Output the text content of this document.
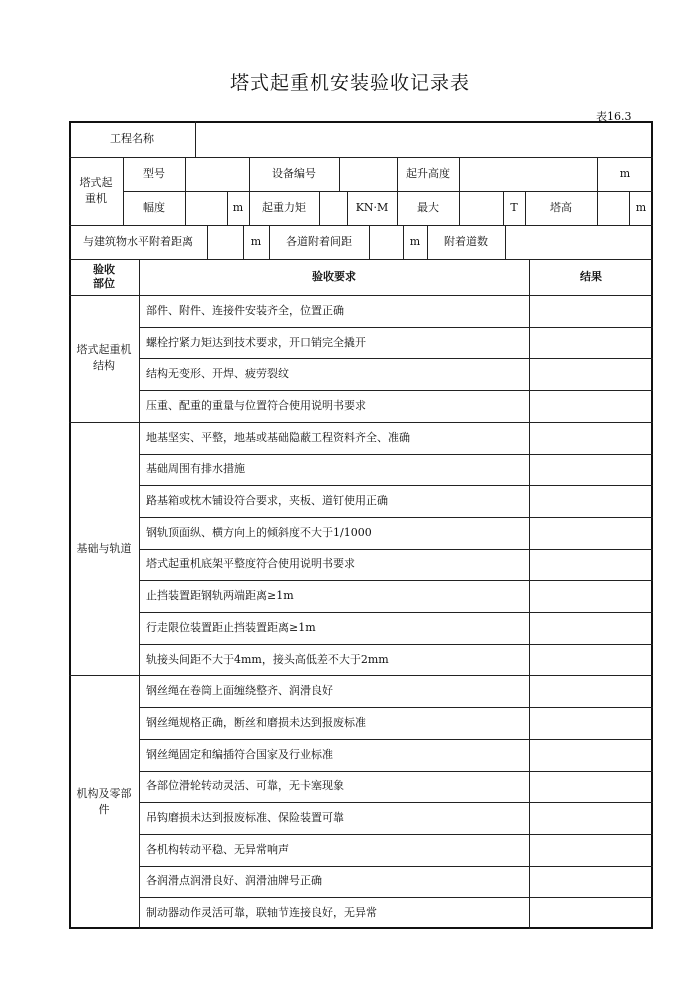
塔式起重机安装验收记录表
表16.3
工程名称
塔式起
重机
型号	设备编号	起升高度	m
幅度	m	起重力矩	KN·M	最大	T	塔高	m
与建筑物水平附着距离	m	各道附着间距	m	附着道数
验收
部位
验收要求	结果
塔式起重机
结构
部件、附件、连接件安装齐全，位置正确
螺栓拧紧力矩达到技术要求，开口销完全撬开
结构无变形、开焊、疲劳裂纹
压重、配重的重量与位置符合使用说明书要求
基础与轨道
地基坚实、平整，地基或基础隐蔽工程资料齐全、准确
基础周围有排水措施
路基箱或枕木铺设符合要求，夹板、道钉使用正确
钢轨顶面纵、横方向上的倾斜度不大于1/1000
塔式起重机底架平整度符合使用说明书要求
止挡装置距钢轨两端距离≥1m
行走限位装置距止挡装置距离≥1m
轨接头间距不大于4mm，接头高低差不大于2mm
机构及零部
件
钢丝绳在卷筒上面缠绕整齐、润滑良好
钢丝绳规格正确，断丝和磨损未达到报废标准
钢丝绳固定和编插符合国家及行业标准
各部位滑轮转动灵活、可靠，无卡塞现象
吊钩磨损未达到报废标准、保险装置可靠
各机构转动平稳、无异常响声
各润滑点润滑良好、润滑油牌号正确
制动器动作灵活可靠，联轴节连接良好，无异常
